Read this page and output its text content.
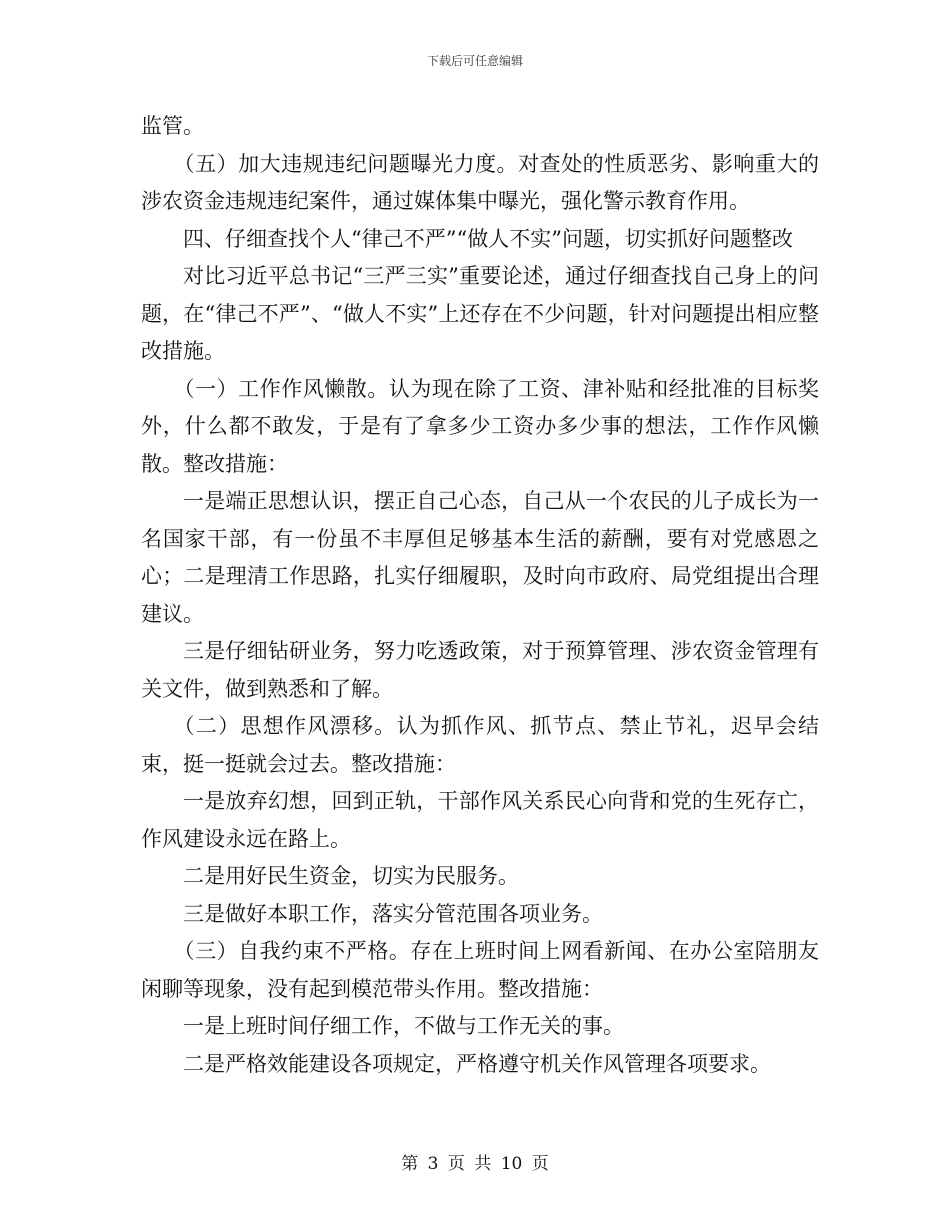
下载后可任意编辑

监管。

（五）加大违规违纪问题曝光力度。对查处的性质恶劣、影响重大的涉农资金违规违纪案件，通过媒体集中曝光，强化警示教育作用。

四、仔细查找个人“律己不严”“做人不实”问题，切实抓好问题整改

对比习近平总书记“三严三实”重要论述，通过仔细查找自己身上的问题，在“律己不严”、“做人不实”上还存在不少问题，针对问题提出相应整改措施。

（一）工作作风懒散。认为现在除了工资、津补贴和经批准的目标奖外，什么都不敢发，于是有了拿多少工资办多少事的想法，工作作风懒散。整改措施：

一是端正思想认识，摆正自己心态，自己从一个农民的儿子成长为一名国家干部，有一份虽不丰厚但足够基本生活的薪酬，要有对党感恩之心；二是理清工作思路，扎实仔细履职，及时向市政府、局党组提出合理建议。

三是仔细钻研业务，努力吃透政策，对于预算管理、涉农资金管理有关文件，做到熟悉和了解。

（二）思想作风漂移。认为抓作风、抓节点、禁止节礼，迟早会结束，挺一挺就会过去。整改措施：

一是放弃幻想，回到正轨，干部作风关系民心向背和党的生死存亡，作风建设永远在路上。

二是用好民生资金，切实为民服务。

三是做好本职工作，落实分管范围各项业务。

（三）自我约束不严格。存在上班时间上网看新闻、在办公室陪朋友闲聊等现象，没有起到模范带头作用。整改措施：

一是上班时间仔细工作，不做与工作无关的事。

二是严格效能建设各项规定，严格遵守机关作风管理各项要求。

第 3 页 共 10 页
